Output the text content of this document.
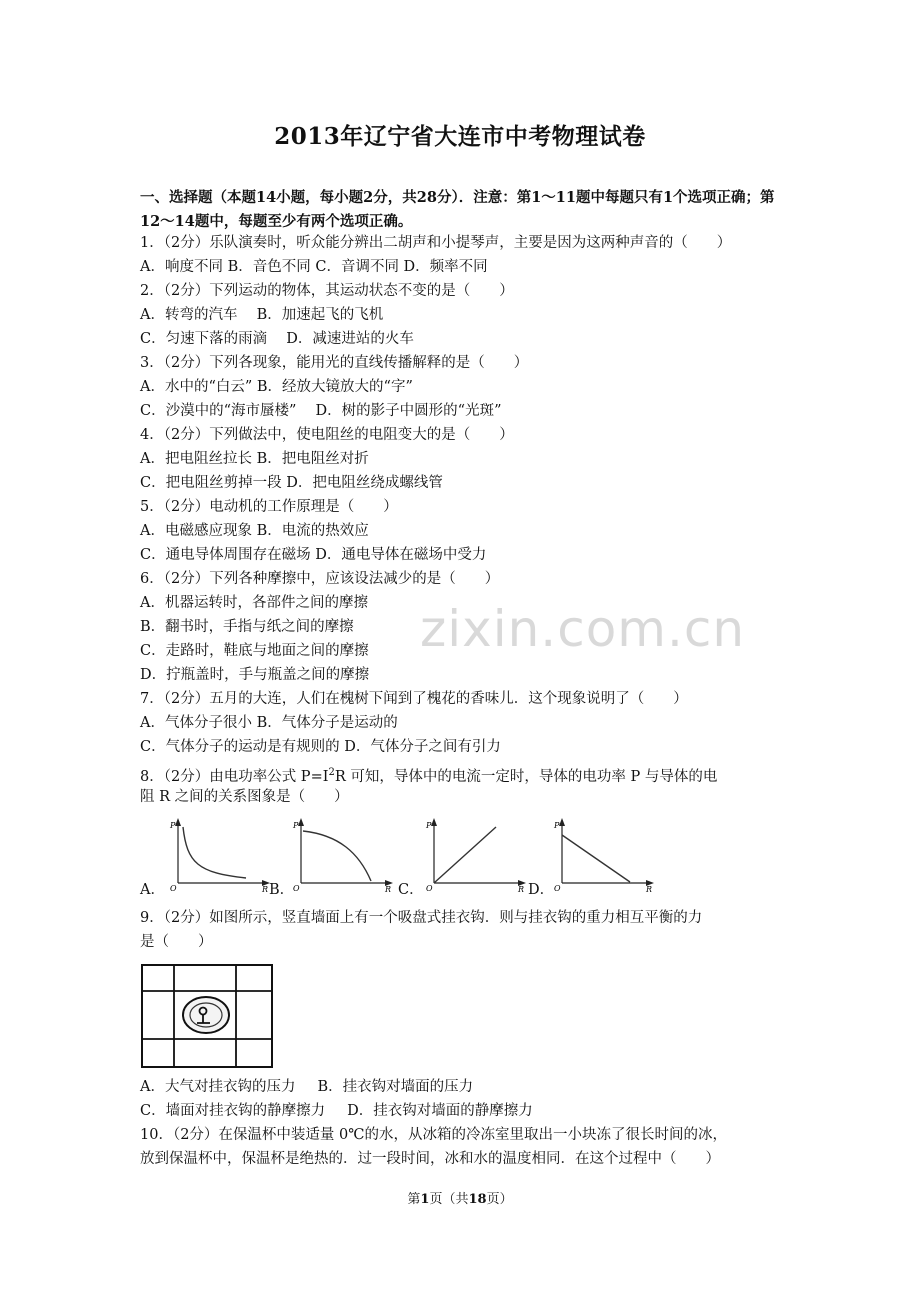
2013年辽宁省大连市中考物理试卷
一、选择题（本题14小题，每小题2分，共28分）．注意：第1～11题中每题只有1个选项正确；第12～14题中，每题至少有两个选项正确。
zixin.com.cn
1．（2分）乐队演奏时，听众能分辨出二胡声和小提琴声，主要是因为这两种声音的（　　）
A．响度不同 B．音色不同 C．音调不同 D．频率不同
2．（2分）下列运动的物体，其运动状态不变的是（　　）
A．转弯的汽车　 B．加速起飞的飞机
C．匀速下落的雨滴　 D．减速进站的火车
3．（2分）下列各现象，能用光的直线传播解释的是（　　）
A．水中的“白云” B．经放大镜放大的“字”
C．沙漠中的“海市蜃楼”　 D．树的影子中圆形的“光斑”
4．（2分）下列做法中，使电阻丝的电阻变大的是（　　）
A．把电阻丝拉长 B．把电阻丝对折
C．把电阻丝剪掉一段 D．把电阻丝绕成螺线管
5．（2分）电动机的工作原理是（　　）
A．电磁感应现象 B．电流的热效应
C．通电导体周围存在磁场 D．通电导体在磁场中受力
6．（2分）下列各种摩擦中，应该设法减少的是（　　）
A．机器运转时，各部件之间的摩擦
B．翻书时，手指与纸之间的摩擦
C．走路时，鞋底与地面之间的摩擦
D．拧瓶盖时，手与瓶盖之间的摩擦
7．（2分）五月的大连，人们在槐树下闻到了槐花的香味儿．这个现象说明了（　　）
A．气体分子很小 B．气体分子是运动的
C．气体分子的运动是有规则的 D．气体分子之间有引力
8．（2分）由电功率公式 $P=I^2R$ 可知，导体中的电流一定时，导体的电功率 P 与导体的电
阻 R 之间的关系图象是（　　）
A．
P
O	R B．
P
O	R C．
P
O	R D．
P
O	R
9．（2分）如图所示，竖直墙面上有一个吸盘式挂衣钩．则与挂衣钩的重力相互平衡的力
是（　　）
A．大气对挂衣钩的压力 B．挂衣钩对墙面的压力
C．墙面对挂衣钩的静摩擦力 D．挂衣钩对墙面的静摩擦力
10．（2分）在保温杯中装适量 0℃的水，从冰箱的冷冻室里取出一小块冻了很长时间的冰，
放到保温杯中，保温杯是绝热的．过一段时间，冰和水的温度相同．在这个过程中（　　）
第1页（共18页）
